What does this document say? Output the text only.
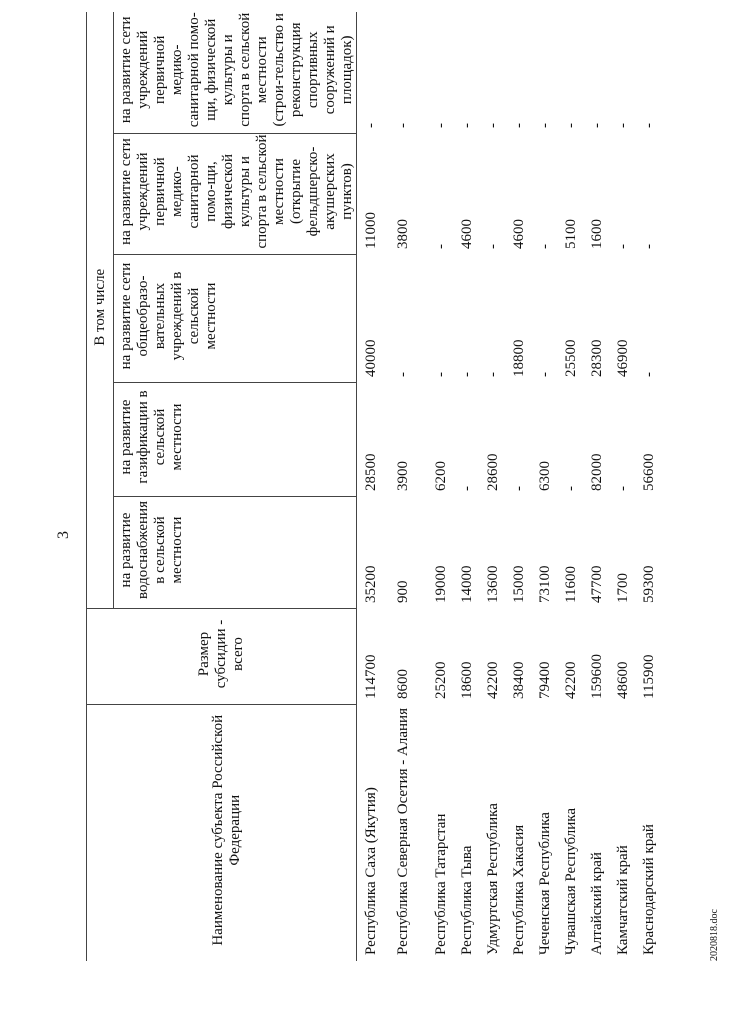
3
Наименование субъекта Российской Федерации	Размер субсидии - всего	В том числе				
		на развитие водоснабжения в сельской местности	на развитие газификации в сельской местности	на развитие сети общеобразо-вательных учреждений в сельской местности	на развитие сети учреждений первичной медико-санитарной помо-щи, физической культуры и спорта в сельской местности (открытие фельдшерско-акушерских пунктов)	на развитие сети учреждений первичной медико-санитарной помо-щи, физической культуры и спорта в сельской местности (строи-тельство и реконструкция спортивных сооружений и площадок)
Республика Саха (Якутия)	114700	35200	28500	40000	11000	-
Республика Северная Осетия - Алания	8600	900	3900	-	3800	-
Республика Татарстан	25200	19000	6200	-	-	-
Республика Тыва	18600	14000	-	-	4600	-
Удмуртская Республика	42200	13600	28600	-	-	-
Республика Хакасия	38400	15000	-	18800	4600	-
Чеченская Республика	79400	73100	6300	-	-	-
Чувашская Республика	42200	11600	-	25500	5100	-
Алтайский край	159600	47700	82000	28300	1600	-
Камчатский край	48600	1700	-	46900	-	-
Краснодарский край	115900	59300	56600	-	-	-
2020818.doc
